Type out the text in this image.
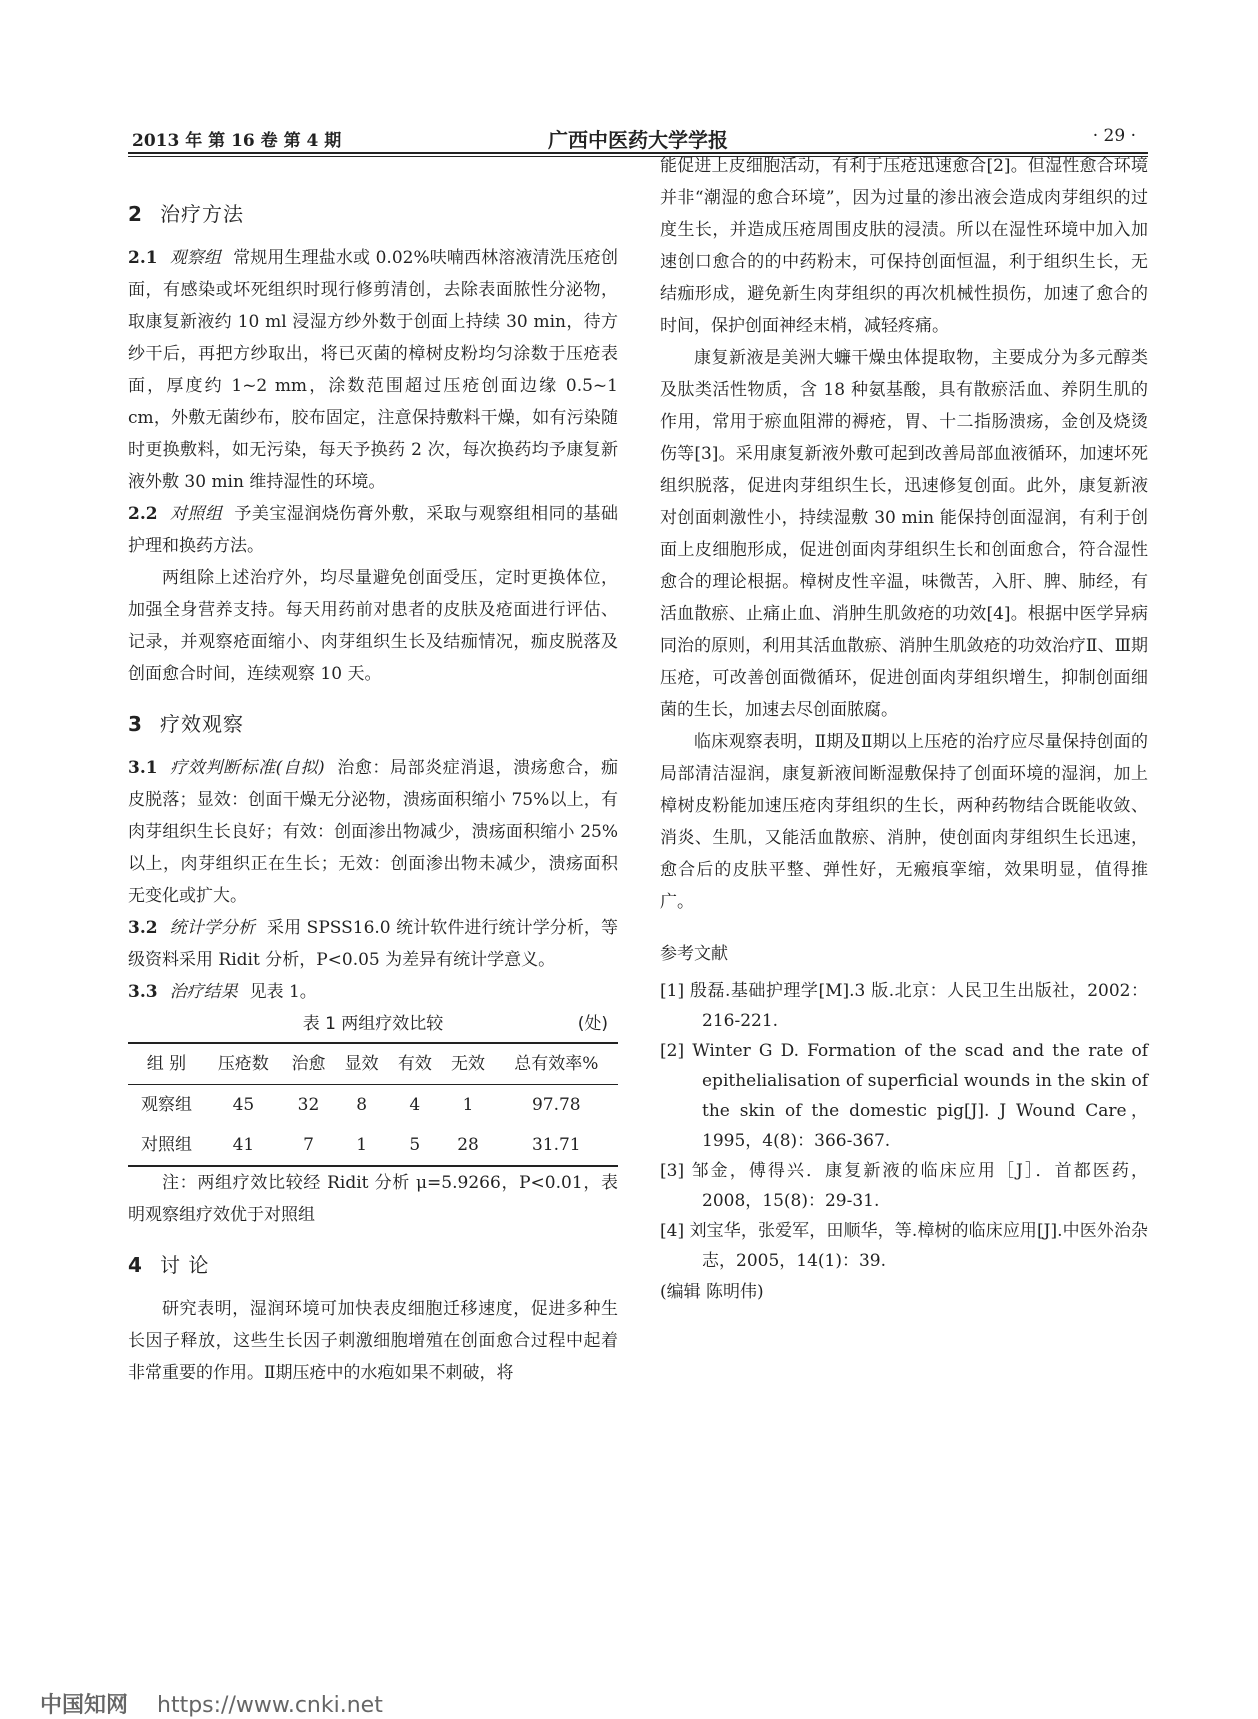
2013 年 第 16 卷 第 4 期	广西中医药大学学报	· 29 ·
2 治疗方法

2.1 观察组 常规用生理盐水或 0.02%呋喃西林溶液清洗压疮创面，有感染或坏死组织时现行修剪清创，去除表面脓性分泌物，取康复新液约 10 ml 浸湿方纱外数于创面上持续 30 min，待方纱干后，再把方纱取出，将已灭菌的樟树皮粉均匀涂数于压疮表面，厚度约 1~2 mm，涂数范围超过压疮创面边缘 0.5~1 cm，外敷无菌纱布，胶布固定，注意保持敷料干燥，如有污染随时更换敷料，如无污染，每天予换药 2 次，每次换药均予康复新液外敷 30 min 维持湿性的环境。

2.2 对照组 予美宝湿润烧伤膏外敷，采取与观察组相同的基础护理和换药方法。

两组除上述治疗外，均尽量避免创面受压，定时更换体位，加强全身营养支持。每天用药前对患者的皮肤及疮面进行评估、记录，并观察疮面缩小、肉芽组织生长及结痂情况，痂皮脱落及创面愈合时间，连续观察 10 天。

3 疗效观察

3.1 疗效判断标准(自拟) 治愈：局部炎症消退，溃疡愈合，痂皮脱落；显效：创面干燥无分泌物，溃疡面积缩小 75%以上，有肉芽组织生长良好；有效：创面渗出物减少，溃疡面积缩小 25%以上，肉芽组织正在生长；无效：创面渗出物未减少，溃疡面积无变化或扩大。

3.2 统计学分析 采用 SPSS16.0 统计软件进行统计学分析，等级资料采用 Ridit 分析，P<0.05 为差异有统计学意义。

3.3 治疗结果 见表 1。

表 1 两组疗效比较	(处)
组 别	压疮数	治愈	显效	有效	无效	总有效率%
观察组	45	32	8	4	1	97.78
对照组	41	7	1	5	28	31.71

注：两组疗效比较经 Ridit 分析 μ=5.9266，P<0.01，表明观察组疗效优于对照组

4 讨 论

研究表明，湿润环境可加快表皮细胞迁移速度，促进多种生长因子释放，这些生长因子刺激细胞增殖在创面愈合过程中起着非常重要的作用。Ⅱ期压疮中的水疱如果不刺破，将

能促进上皮细胞活动，有利于压疮迅速愈合[2]。但湿性愈合环境并非“潮湿的愈合环境”，因为过量的渗出液会造成肉芽组织的过度生长，并造成压疮周围皮肤的浸渍。所以在湿性环境中加入加速创口愈合的的中药粉末，可保持创面恒温，利于组织生长，无结痂形成，避免新生肉芽组织的再次机械性损伤，加速了愈合的时间，保护创面神经末梢，减轻疼痛。

康复新液是美洲大蠊干燥虫体提取物，主要成分为多元醇类及肽类活性物质，含 18 种氨基酸，具有散瘀活血、养阴生肌的作用，常用于瘀血阻滞的褥疮，胃、十二指肠溃疡，金创及烧烫伤等[3]。采用康复新液外敷可起到改善局部血液循环，加速坏死组织脱落，促进肉芽组织生长，迅速修复创面。此外，康复新液对创面刺激性小，持续湿敷 30 min 能保持创面湿润，有利于创面上皮细胞形成，促进创面肉芽组织生长和创面愈合，符合湿性愈合的理论根据。樟树皮性辛温，味微苦，入肝、脾、肺经，有活血散瘀、止痛止血、消肿生肌敛疮的功效[4]。根据中医学异病同治的原则，利用其活血散瘀、消肿生肌敛疮的功效治疗Ⅱ、Ⅲ期压疮，可改善创面微循环，促进创面肉芽组织增生，抑制创面细菌的生长，加速去尽创面脓腐。

临床观察表明，Ⅱ期及Ⅱ期以上压疮的治疗应尽量保持创面的局部清洁湿润，康复新液间断湿敷保持了创面环境的湿润，加上樟树皮粉能加速压疮肉芽组织的生长，两种药物结合既能收敛、消炎、生肌，又能活血散瘀、消肿，使创面肉芽组织生长迅速，愈合后的皮肤平整、弹性好，无瘢痕挛缩，效果明显，值得推广。

参考文献

[1] 殷磊.基础护理学[M].3 版.北京：人民卫生出版社，2002：216-221.

[2] Winter G D. Formation of the scad and the rate of epithelialisation of superficial wounds in the skin of the skin of the domestic pig[J]. J Wound Care，1995，4(8)：366-367.

[3] 邹金，傅得兴．康复新液的临床应用［J］．首都医药，2008，15(8)：29-31.

[4] 刘宝华，张爱军，田顺华，等.樟树的临床应用[J].中医外治杂志，2005，14(1)：39.

(编辑 陈明伟)

中国知网 https://www.cnki.net
